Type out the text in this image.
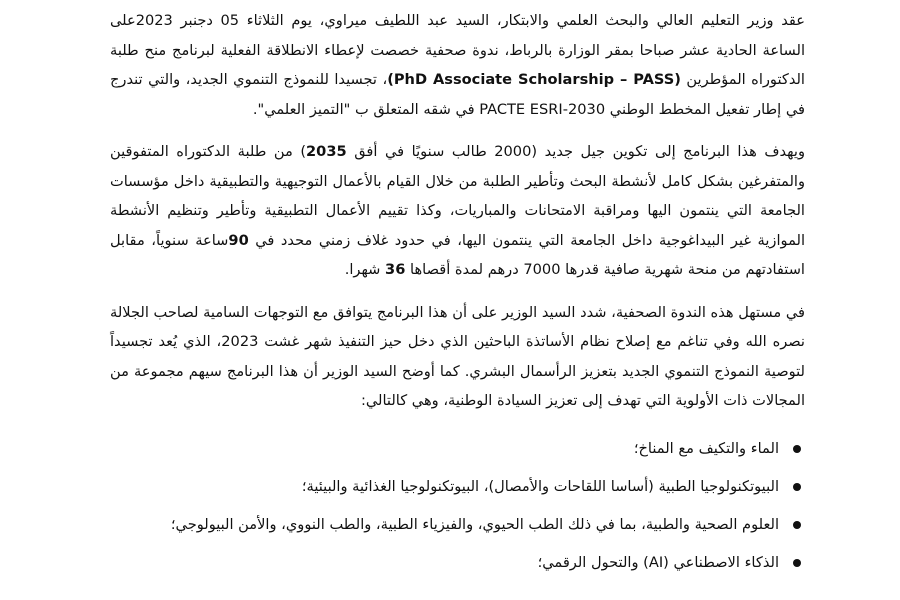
عقد وزير التعليم العالي والبحث العلمي والابتكار، السيد عبد اللطيف ميراوي، يوم الثلاثاء 05 دجنبر 2023على الساعة الحادية عشر صباحا بمقر الوزارة بالرباط، ندوة صحفية خصصت لإعطاء الانطلاقة الفعلية لبرنامج منح طلبة الدكتوراه المؤطرين (PhD Associate Scholarship – PASS)، تجسيدا للنموذج التنموي الجديد، والتي تندرج في إطار تفعيل المخطط الوطني PACTE ESRI-2030 في شقه المتعلق ب "التميز العلمي".

ويهدف هذا البرنامج إلى تكوين جيل جديد (2000 طالب سنويًا في أفق 2035) من طلبة الدكتوراه المتفوقين والمتفرغين بشكل كامل لأنشطة البحث وتأطير الطلبة من خلال القيام بالأعمال التوجيهية والتطبيقية داخل مؤسسات الجامعة التي ينتمون اليها ومراقبة الامتحانات والمباريات، وكذا تقييم الأعمال التطبيقية وتأطير وتنظيم الأنشطة الموازية غير البيداغوجية داخل الجامعة التي ينتمون اليها، في حدود غلاف زمني محدد في 90ساعة سنوياً، مقابل استفادتهم من منحة شهرية صافية قدرها 7000 درهم لمدة أقصاها 36 شهرا.

في مستهل هذه الندوة الصحفية، شدد السيد الوزير على أن هذا البرنامج يتوافق مع التوجهات السامية لصاحب الجلالة نصره الله وفي تناغم مع إصلاح نظام الأساتذة الباحثين الذي دخل حيز التنفيذ شهر غشت 2023، الذي يُعد تجسيداً لتوصية النموذج التنموي الجديد بتعزيز الرأسمال البشري. كما أوضح السيد الوزير أن هذا البرنامج سيهم مجموعة من المجالات ذات الأولوية التي تهدف إلى تعزيز السيادة الوطنية، وهي كالتالي:

الماء والتكيف مع المناخ؛
البيوتكنولوجيا الطبية (أساسا اللقاحات والأمصال)، البيوتكنولوجيا الغذائية والبيئية؛
العلوم الصحية والطبية، بما في ذلك الطب الحيوي، والفيزياء الطبية، والطب النووي، والأمن البيولوجي؛
الذكاء الاصطناعي (AI) والتحول الرقمي؛
